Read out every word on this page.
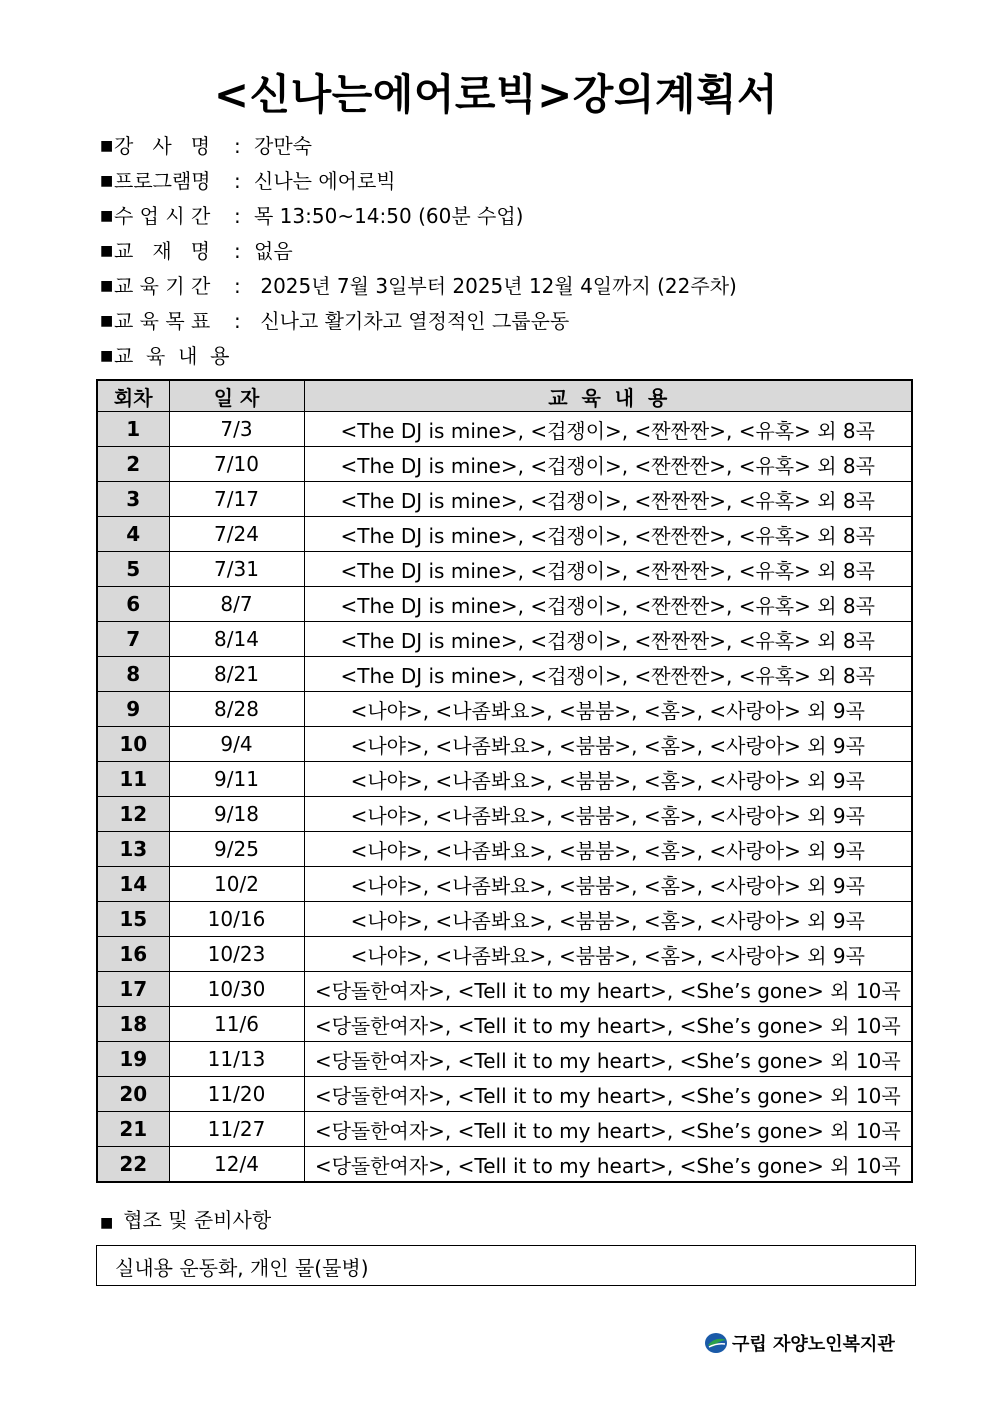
<신나는에어로빅>강의계획서
■ 강   사   명	: 강만숙
■ 프로그램명	: 신나는 에어로빅
■ 수 업 시 간	: 목 13:50~14:50 (60분 수업)
■ 교   재   명	: 없음
■ 교 육 기 간	: 2025년 7월 3일부터 2025년 12월 4일까지 (22주차)
■ 교 육 목 표	: 신나고 활기차고 열정적인 그룹운동
■ 교  육  내  용
회차	일 자	교  육  내  용
1	7/3	<The DJ is mine>, <겁쟁이>, <짠짠짠>, <유혹> 외 8곡
2	7/10	<The DJ is mine>, <겁쟁이>, <짠짠짠>, <유혹> 외 8곡
3	7/17	<The DJ is mine>, <겁쟁이>, <짠짠짠>, <유혹> 외 8곡
4	7/24	<The DJ is mine>, <겁쟁이>, <짠짠짠>, <유혹> 외 8곡
5	7/31	<The DJ is mine>, <겁쟁이>, <짠짠짠>, <유혹> 외 8곡
6	8/7	<The DJ is mine>, <겁쟁이>, <짠짠짠>, <유혹> 외 8곡
7	8/14	<The DJ is mine>, <겁쟁이>, <짠짠짠>, <유혹> 외 8곡
8	8/21	<The DJ is mine>, <겁쟁이>, <짠짠짠>, <유혹> 외 8곡
9	8/28	<나야>, <나좀봐요>, <붐붐>, <홈>, <사랑아> 외 9곡
10	9/4	<나야>, <나좀봐요>, <붐붐>, <홈>, <사랑아> 외 9곡
11	9/11	<나야>, <나좀봐요>, <붐붐>, <홈>, <사랑아> 외 9곡
12	9/18	<나야>, <나좀봐요>, <붐붐>, <홈>, <사랑아> 외 9곡
13	9/25	<나야>, <나좀봐요>, <붐붐>, <홈>, <사랑아> 외 9곡
14	10/2	<나야>, <나좀봐요>, <붐붐>, <홈>, <사랑아> 외 9곡
15	10/16	<나야>, <나좀봐요>, <붐붐>, <홈>, <사랑아> 외 9곡
16	10/23	<나야>, <나좀봐요>, <붐붐>, <홈>, <사랑아> 외 9곡
17	10/30	<당돌한여자>, <Tell it to my heart>, <She’s gone> 외 10곡
18	11/6	<당돌한여자>, <Tell it to my heart>, <She’s gone> 외 10곡
19	11/13	<당돌한여자>, <Tell it to my heart>, <She’s gone> 외 10곡
20	11/20	<당돌한여자>, <Tell it to my heart>, <She’s gone> 외 10곡
21	11/27	<당돌한여자>, <Tell it to my heart>, <She’s gone> 외 10곡
22	12/4	<당돌한여자>, <Tell it to my heart>, <She’s gone> 외 10곡
■ 협조 및 준비사항
실내용 운동화, 개인 물(물병)
구립 자양노인복지관
